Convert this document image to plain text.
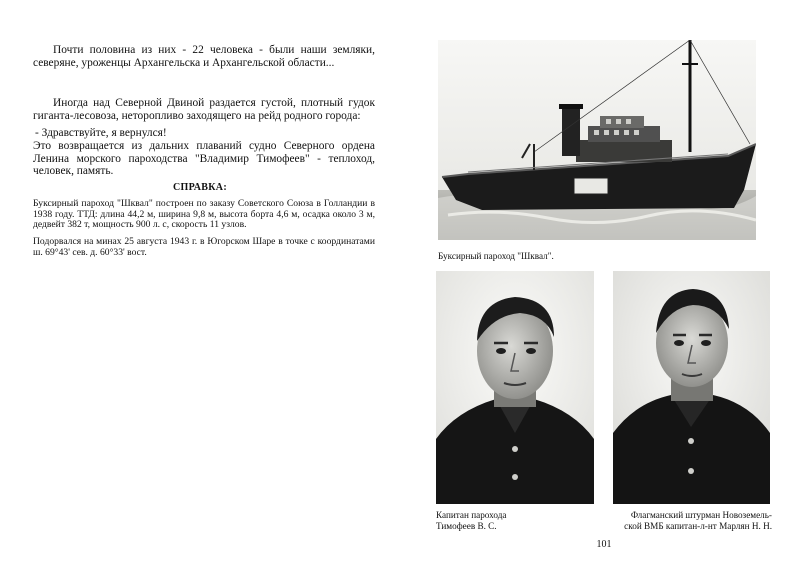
Почти половина из них - 22 человека - были наши земляки, северяне, уроженцы Архангельска и Архангельской области...

Иногда над Северной Двиной раздается густой, плотный гудок гиганта-лесовоза, неторопливо заходящего на рейд родного города:

- Здравствуйте, я вернулся!

Это возвращается из дальних плаваний судно Северного ордена Ленина морского пароходства "Владимир Тимофеев" - теплоход, человек, память.

СПРАВКА:

Буксирный пароход "Шквал" построен по заказу Советского Союза в Голландии в 1938 году. ТТД: длина 44,2 м, ширина 9,8 м, высота борта 4,6 м, осадка около 3 м, дедвейт 382 т, мощность 900 л. с, скорость 11 узлов.

Подорвался на минах 25 августа 1943 г. в Югорском Шаре в точке с координатами ш. 69°43' сев. д. 60°33' вост.	Буксирный пароход "Шквал".

Капитан парохода
Тимофеев В. С.

Флагманский штурман Новоземель-
ской ВМБ капитан-л-нт Марлян Н. Н.

101
